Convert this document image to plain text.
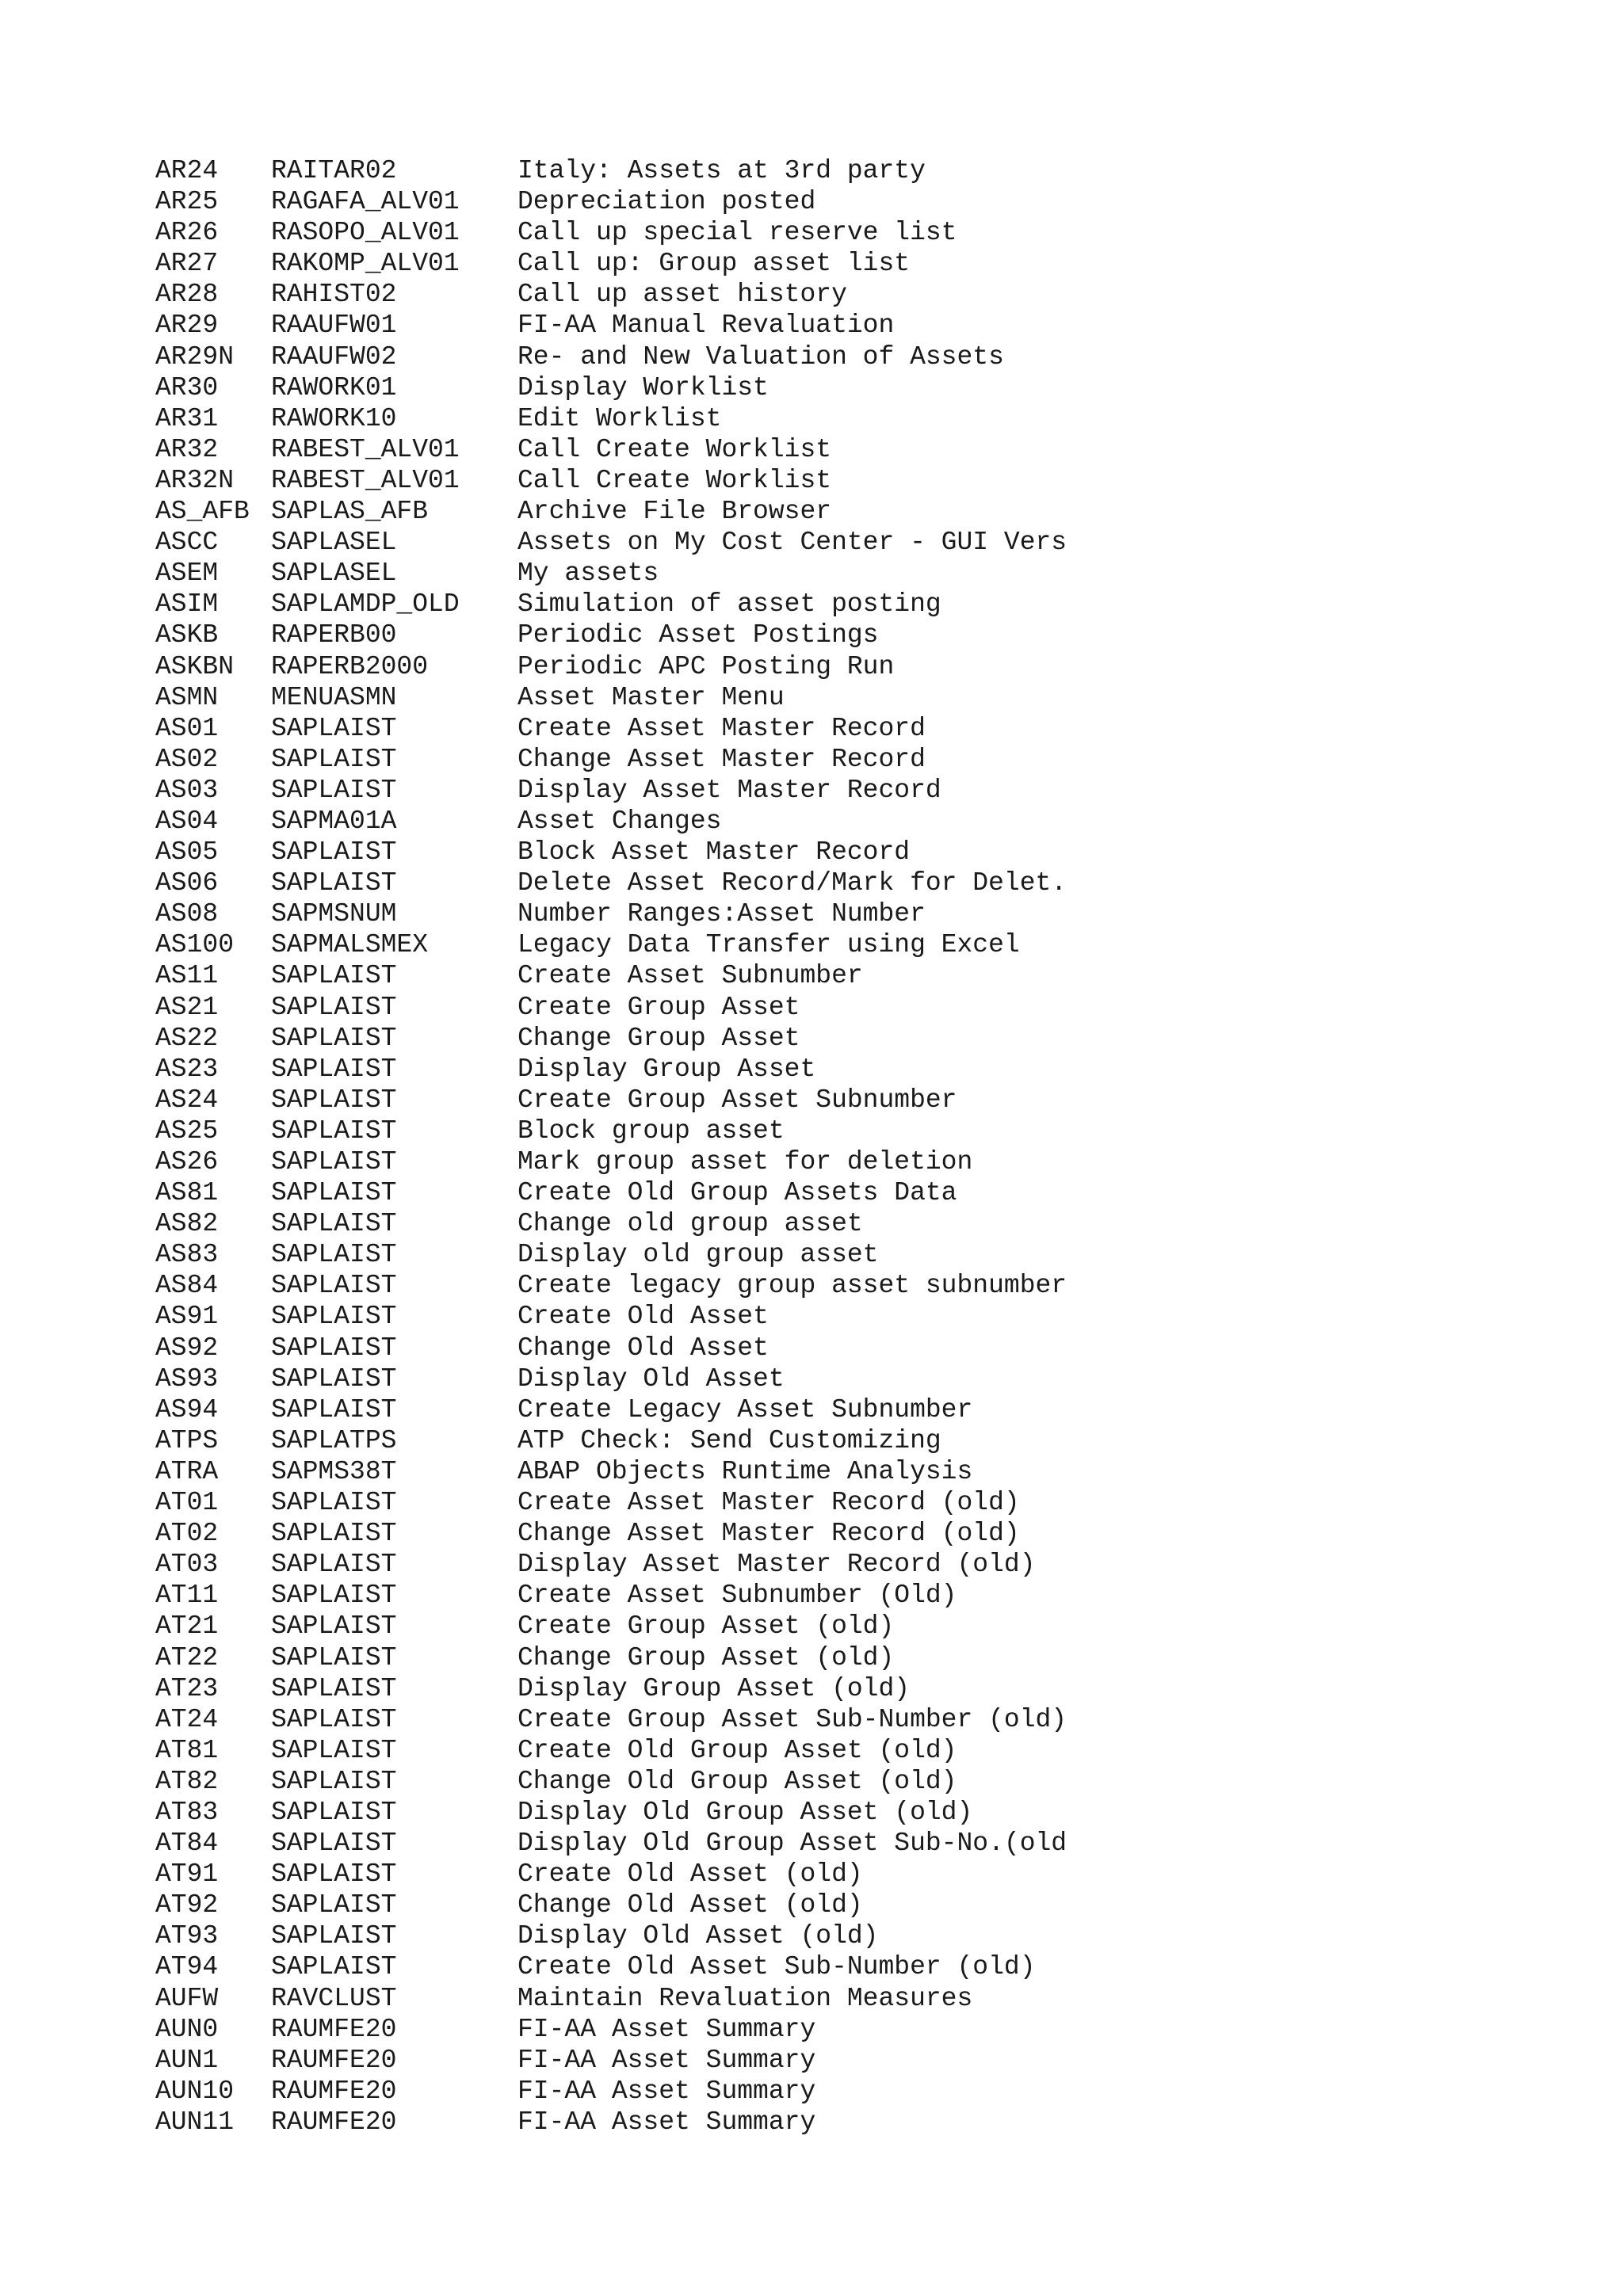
AR24 RAITAR02	Italy: Assets at 3rd party
AR25 RAGAFA_ALV01 Depreciation posted
AR26 RASOPO_ALV01 Call up special reserve list
AR27 RAKOMP_ALV01 Call up: Group asset list
AR28 RAHIST02	Call up asset history
AR29 RAAUFW01	FI-AA Manual Revaluation
AR29N RAAUFW02	Re- and New Valuation of Assets
AR30 RAWORK01	Display Worklist
AR31 RAWORK10	Edit Worklist
AR32 RABEST_ALV01 Call Create Worklist
AR32N RABEST_ALV01 Call Create Worklist
AS_AFB SAPLAS_AFB	Archive File Browser
ASCC SAPLASEL	Assets on My Cost Center - GUI Vers
ASEM SAPLASEL	My assets
ASIM SAPLAMDP_OLD Simulation of asset posting
ASKB RAPERB00	Periodic Asset Postings
ASKBN RAPERB2000	Periodic APC Posting Run
ASMN MENUASMN	Asset Master Menu
AS01 SAPLAIST	Create Asset Master Record
AS02 SAPLAIST	Change Asset Master Record
AS03 SAPLAIST	Display Asset Master Record
AS04 SAPMA01A	Asset Changes
AS05 SAPLAIST	Block Asset Master Record
AS06 SAPLAIST	Delete Asset Record/Mark for Delet.
AS08 SAPMSNUM	Number Ranges:Asset Number
AS100 SAPMALSMEX	Legacy Data Transfer using Excel
AS11 SAPLAIST	Create Asset Subnumber
AS21 SAPLAIST	Create Group Asset
AS22 SAPLAIST	Change Group Asset
AS23 SAPLAIST	Display Group Asset
AS24 SAPLAIST	Create Group Asset Subnumber
AS25 SAPLAIST	Block group asset
AS26 SAPLAIST	Mark group asset for deletion
AS81 SAPLAIST	Create Old Group Assets Data
AS82 SAPLAIST	Change old group asset
AS83 SAPLAIST	Display old group asset
AS84 SAPLAIST	Create legacy group asset subnumber
AS91 SAPLAIST	Create Old Asset
AS92 SAPLAIST	Change Old Asset
AS93 SAPLAIST	Display Old Asset
AS94 SAPLAIST	Create Legacy Asset Subnumber
ATPS SAPLATPS	ATP Check: Send Customizing
ATRA SAPMS38T	ABAP Objects Runtime Analysis
AT01 SAPLAIST	Create Asset Master Record (old)
AT02 SAPLAIST	Change Asset Master Record (old)
AT03 SAPLAIST	Display Asset Master Record (old)
AT11 SAPLAIST	Create Asset Subnumber (Old)
AT21 SAPLAIST	Create Group Asset (old)
AT22 SAPLAIST	Change Group Asset (old)
AT23 SAPLAIST	Display Group Asset (old)
AT24 SAPLAIST	Create Group Asset Sub-Number (old)
AT81 SAPLAIST	Create Old Group Asset (old)
AT82 SAPLAIST	Change Old Group Asset (old)
AT83 SAPLAIST	Display Old Group Asset (old)
AT84 SAPLAIST	Display Old Group Asset Sub-No.(old
AT91 SAPLAIST	Create Old Asset (old)
AT92 SAPLAIST	Change Old Asset (old)
AT93 SAPLAIST	Display Old Asset (old)
AT94 SAPLAIST	Create Old Asset Sub-Number (old)
AUFW RAVCLUST	Maintain Revaluation Measures
AUN0 RAUMFE20	FI-AA Asset Summary
AUN1 RAUMFE20	FI-AA Asset Summary
AUN10 RAUMFE20	FI-AA Asset Summary
AUN11 RAUMFE20	FI-AA Asset Summary
